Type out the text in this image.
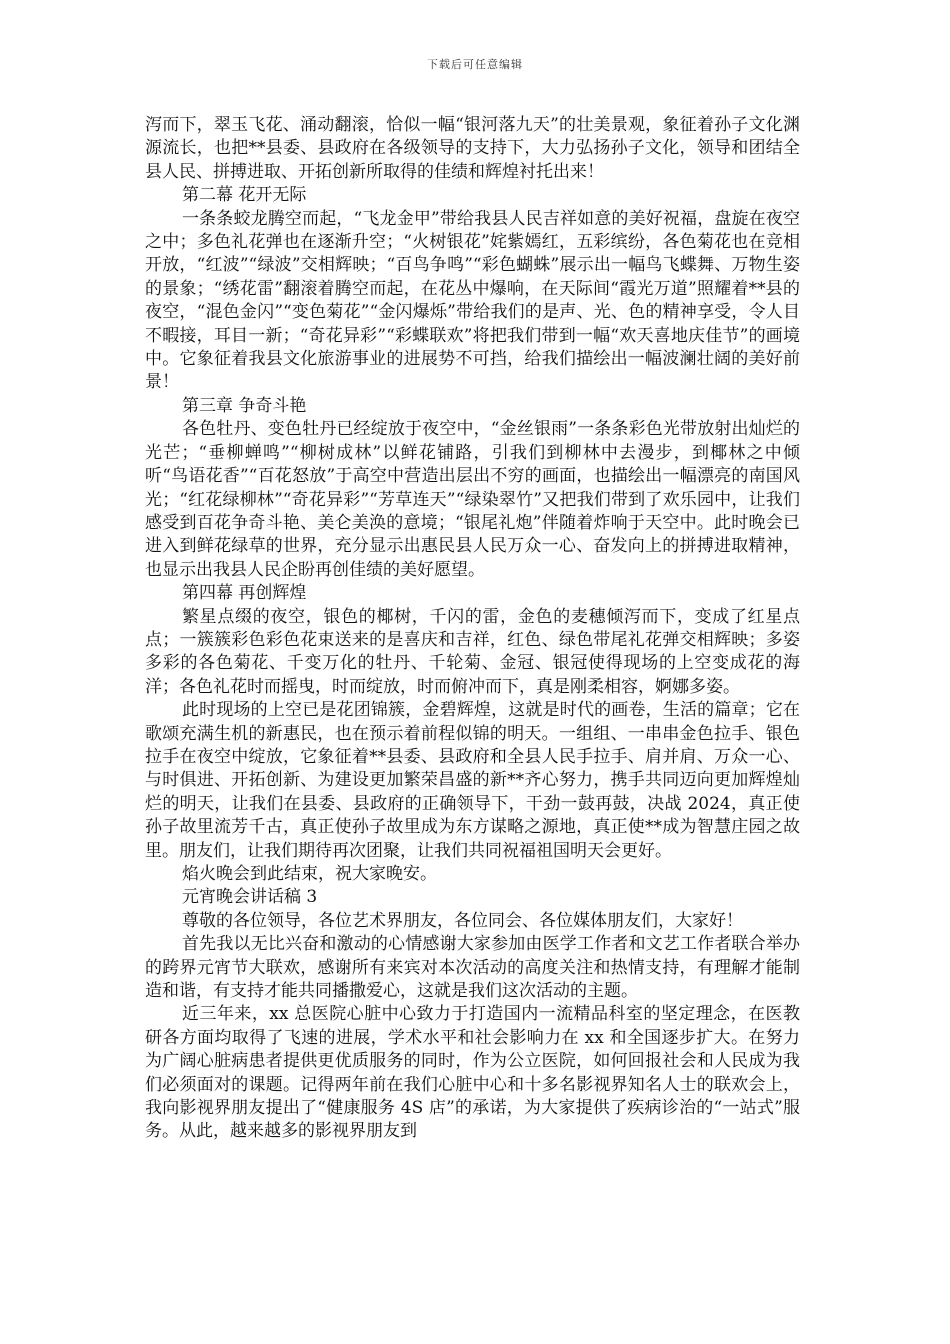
下载后可任意编辑

泻而下，翠玉飞花、涌动翻滚，恰似一幅“银河落九天”的壮美景观，象征着孙子文化渊源流长，也把**县委、县政府在各级领导的支持下，大力弘扬孙子文化，领导和团结全县人民、拼搏进取、开拓创新所取得的佳绩和辉煌衬托出来！

第二幕 花开无际

一条条蛟龙腾空而起，“飞龙金甲”带给我县人民吉祥如意的美好祝福，盘旋在夜空之中；多色礼花弹也在逐渐升空；“火树银花”姹紫嫣红，五彩缤纷，各色菊花也在竞相开放，“红波”“绿波”交相辉映；“百鸟争鸣”“彩色蝴蛛”展示出一幅鸟飞蝶舞、万物生姿的景象；“绣花雷”翻滚着腾空而起，在花丛中爆响，在天际间“霞光万道”照耀着**县的夜空，“混色金闪”“变色菊花”“金闪爆烁”带给我们的是声、光、色的精神享受，令人目不暇接，耳目一新；“奇花异彩”“彩蝶联欢”将把我们带到一幅“欢天喜地庆佳节”的画境中。它象征着我县文化旅游事业的进展势不可挡，给我们描绘出一幅波澜壮阔的美好前景！

第三章 争奇斗艳

各色牡丹、变色牡丹已经绽放于夜空中，“金丝银雨”一条条彩色光带放射出灿烂的光芒；“垂柳蝉鸣”“柳树成林”以鲜花铺路，引我们到柳林中去漫步，到椰林之中倾听“鸟语花香”“百花怒放”于高空中营造出层出不穷的画面，也描绘出一幅漂亮的南国风光；“红花绿柳林”“奇花异彩”“芳草连天”“绿染翠竹”又把我们带到了欢乐园中，让我们感受到百花争奇斗艳、美仑美涣的意境；“银尾礼炮”伴随着炸响于天空中。此时晚会已进入到鲜花绿草的世界，充分显示出惠民县人民万众一心、奋发向上的拼搏进取精神，也显示出我县人民企盼再创佳绩的美好愿望。

第四幕 再创辉煌

繁星点缀的夜空，银色的椰树，千闪的雷，金色的麦穗倾泻而下，变成了红星点点；一簇簇彩色彩色花束送来的是喜庆和吉祥，红色、绿色带尾礼花弹交相辉映；多姿多彩的各色菊花、千变万化的牡丹、千轮菊、金冠、银冠使得现场的上空变成花的海洋；各色礼花时而摇曳，时而绽放，时而俯冲而下，真是刚柔相容，婀娜多姿。

此时现场的上空已是花团锦簇，金碧辉煌，这就是时代的画卷，生活的篇章；它在歌颂充满生机的新惠民，也在预示着前程似锦的明天。一组组、一串串金色拉手、银色拉手在夜空中绽放，它象征着**县委、县政府和全县人民手拉手、肩并肩、万众一心、与时俱进、开拓创新、为建设更加繁荣昌盛的新**齐心努力，携手共同迈向更加辉煌灿烂的明天，让我们在县委、县政府的正确领导下，干劲一鼓再鼓，决战 2024，真正使孙子故里流芳千古，真正使孙子故里成为东方谋略之源地，真正使**成为智慧庄园之故里。朋友们，让我们期待再次团聚，让我们共同祝福祖国明天会更好。

焰火晚会到此结束，祝大家晚安。

元宵晚会讲话稿 3

尊敬的各位领导，各位艺术界朋友，各位同会、各位媒体朋友们，大家好！

首先我以无比兴奋和激动的心情感谢大家参加由医学工作者和文艺工作者联合举办的跨界元宵节大联欢，感谢所有来宾对本次活动的高度关注和热情支持，有理解才能制造和谐，有支持才能共同播撒爱心，这就是我们这次活动的主题。

近三年来，xx 总医院心脏中心致力于打造国内一流精品科室的坚定理念，在医教研各方面均取得了飞速的进展，学术水平和社会影响力在 xx 和全国逐步扩大。在努力为广阔心脏病患者提供更优质服务的同时，作为公立医院，如何回报社会和人民成为我们必须面对的课题。记得两年前在我们心脏中心和十多名影视界知名人士的联欢会上，我向影视界朋友提出了“健康服务 4S 店”的承诺，为大家提供了疾病诊治的“一站式”服务。从此，越来越多的影视界朋友到
